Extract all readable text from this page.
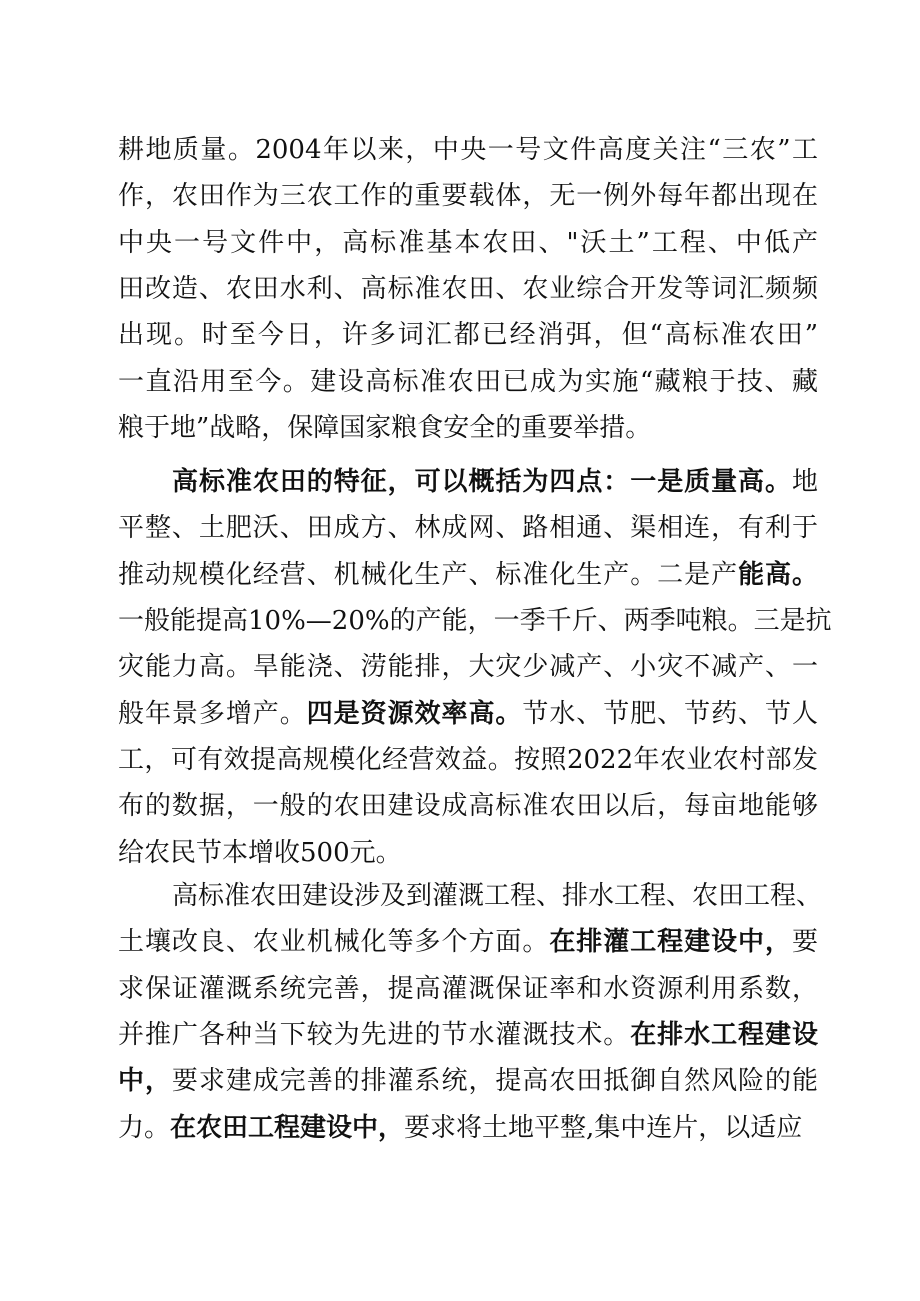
耕地质量。2004年以来，中央一号文件高度关注“三农”工
作，农田作为三农工作的重要载体，无一例外每年都出现在
中央一号文件中，高标准基本农田、"沃土”工程、中低产
田改造、农田水利、高标准农田、农业综合开发等词汇频频
出现。时至今日，许多词汇都已经消弭，但“高标准农田”
一直沿用至今。建设高标准农田已成为实施“藏粮于技、藏
粮于地”战略，保障国家粮食安全的重要举措。
高标准农田的特征，可以概括为四点：一是质量高。地
平整、土肥沃、田成方、林成网、路相通、渠相连，有利于
推动规模化经营、机械化生产、标准化生产。二是产能高。
一般能提高10%—20%的产能，一季千斤、两季吨粮。三是抗
灾能力高。旱能浇、涝能排，大灾少减产、小灾不减产、一
般年景多增产。四是资源效率高。节水、节肥、节药、节人
工，可有效提高规模化经营效益。按照2022年农业农村部发
布的数据，一般的农田建设成高标准农田以后，每亩地能够
给农民节本增收500元。
高标准农田建设涉及到灌溉工程、排水工程、农田工程、
土壤改良、农业机械化等多个方面。在排灌工程建设中，要
求保证灌溉系统完善，提高灌溉保证率和水资源利用系数，
并推广各种当下较为先进的节水灌溉技术。在排水工程建设
中，要求建成完善的排灌系统，提高农田抵御自然风险的能
力。在农田工程建设中，要求将土地平整,集中连片，以适应
